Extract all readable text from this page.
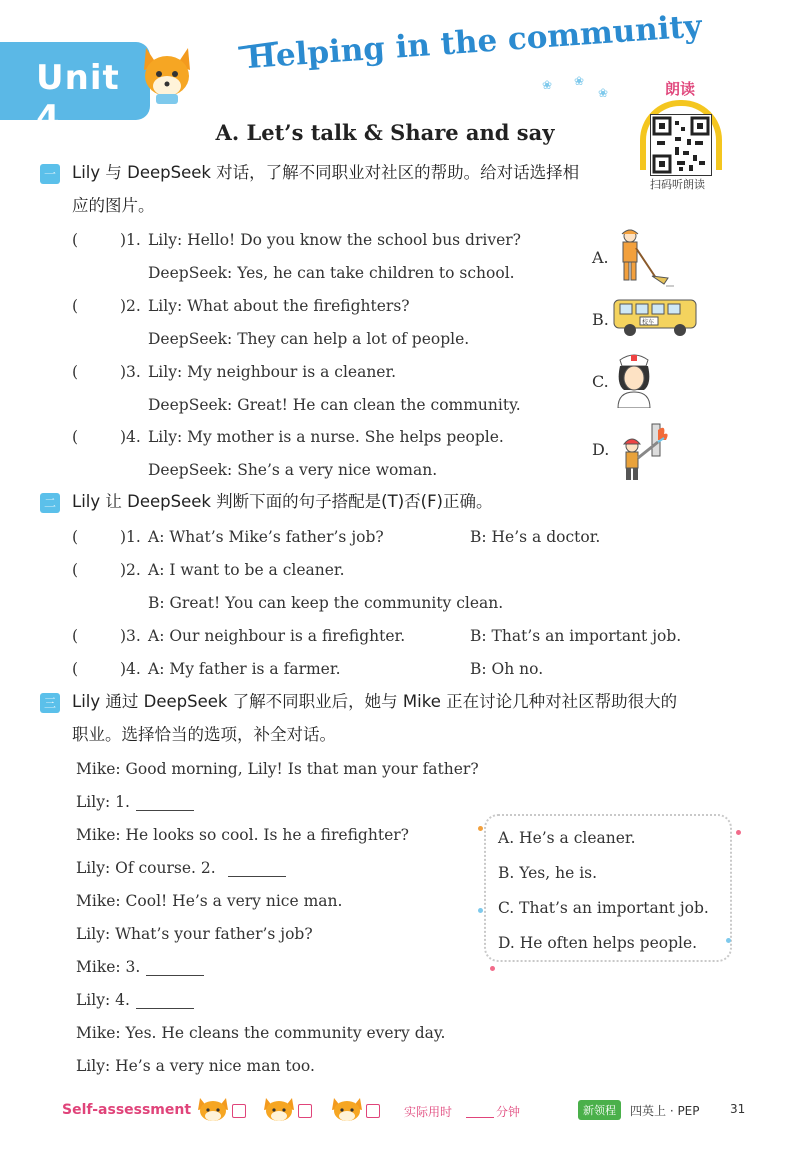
Unit 4
Helping in the community
❀ ❀
❀	朗读
扫码听朗读
A. Let’s talk & Share and say
一 Lily 与 DeepSeek 对话，了解不同职业对社区的帮助。给对话选择相
应的图片。
(	)1. Lily: Hello! Do you know the school bus driver?
DeepSeek: Yes, he can take children to school.
(	)2. Lily: What about the firefighters?
DeepSeek: They can help a lot of people.
(	)3. Lily: My neighbour is a cleaner.
DeepSeek: Great! He can clean the community.
(	)4. Lily: My mother is a nurse. She helps people.
DeepSeek: She’s a very nice woman.
A.
B.	校车
C.
D.
二 Lily 让 DeepSeek 判断下面的句子搭配是(T)否(F)正确。
(	)1. A: What’s Mike’s father’s job?	B: He’s a doctor.
(	)2. A: I want to be a cleaner.
B: Great! You can keep the community clean.
(	)3. A: Our neighbour is a firefighter.	B: That’s an important job.
(	)4. A: My father is a farmer.	B: Oh no.
三 Lily 通过 DeepSeek 了解不同职业后，她与 Mike 正在讨论几种对社区帮助很大的
职业。选择恰当的选项，补全对话。
Mike: Good morning, Lily! Is that man your father?
Lily: 1.
Mike: He looks so cool. Is he a firefighter?
Lily: Of course. 2.
Mike: Cool! He’s a very nice man.
Lily: What’s your father’s job?
Mike: 3.
Lily: 4.
Mike: Yes. He cleans the community every day.
Lily: He’s a very nice man too.
A. He’s a cleaner.
B. Yes, he is.
C. That’s an important job.
D. He often helps people.
Self-assessment	实际用时	分钟	新领程	四英上 · PEP	31
